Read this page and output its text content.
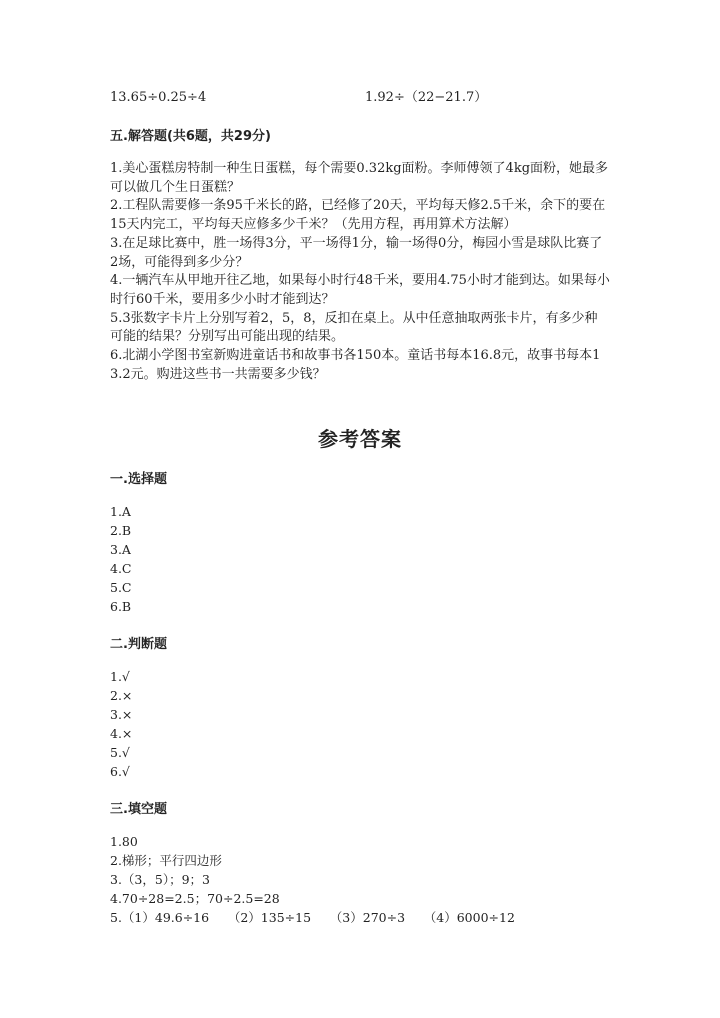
13.65÷0.25÷4	1.92÷（22−21.7）
五.解答题(共6题，共29分)

1.美心蛋糕房特制一种生日蛋糕，每个需要0.32kg面粉。李师傅领了4kg面粉，她最多可以做几个生日蛋糕？

2.工程队需要修一条95千米长的路，已经修了20天，平均每天修2.5千米，余下的要在15天内完工，平均每天应修多少千米？（先用方程，再用算术方法解）

3.在足球比赛中，胜一场得3分，平一场得1分，输一场得0分，梅园小雪是球队比赛了2场，可能得到多少分？

4.一辆汽车从甲地开往乙地，如果每小时行48千米，要用4.75小时才能到达。如果每小时行60千米，要用多少小时才能到达？

5.3张数字卡片上分别写着2，5，8，反扣在桌上。从中任意抽取两张卡片，有多少种可能的结果？分别写出可能出现的结果。

6.北湖小学图书室新购进童话书和故事书各150本。童话书每本16.8元，故事书每本13.2元。购进这些书一共需要多少钱？

参考答案
一.选择题
1.A
2.B
3.A
4.C
5.C
6.B
二.判断题
1.√
2.×
3.×
4.×
5.√
6.√
三.填空题
1.80
2.梯形；平行四边形
3.（3，5）；9；3
4.70÷28=2.5；70÷2.5=28
5.（1）49.6÷16　　（2）135÷15　　（3）270÷3　　（4）6000÷12
